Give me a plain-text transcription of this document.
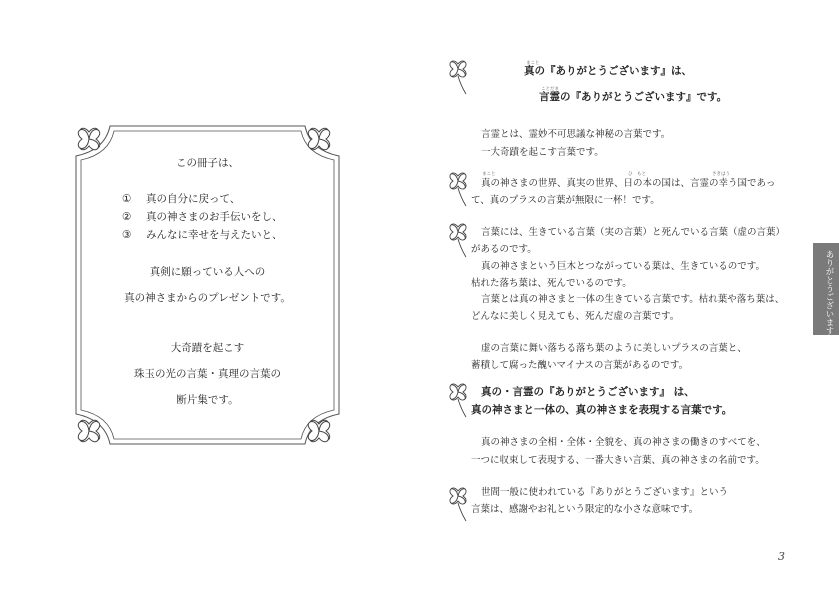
この冊子は、
①	真の自分に戻って、
②	真の神さまのお手伝いをし、
③	みんなに幸せを与えたいと、
真剣に願っている人への
真の神さまからのプレゼントです。
大奇蹟を起こす
珠玉の光の言葉・真理の言葉の
断片集です。
まこと
真の『ありがとうございます』は、
ことだま
言霊の『ありがとうございます』です。
言霊とは、霊妙不可思議な神秘の言葉です。
一大奇蹟を起こす言葉です。
まこと	ひ　もと	さきはう
真の神さまの世界、真実の世界、日の本の国は、言霊の幸う国であっ
て、真のプラスの言葉が無限に一杯！です。
言葉には、生きている言葉（実の言葉）と死んでいる言葉（虚の言葉）
があるのです。
真の神さまという巨木とつながっている葉は、生きているのです。
枯れた落ち葉は、死んでいるのです。
言葉とは真の神さまと一体の生きている言葉です。枯れ葉や落ち葉は、
どんなに美しく見えても、死んだ虚の言葉です。
虚の言葉に舞い落ちる落ち葉のように美しいプラスの言葉と、
蓄積して腐った醜いマイナスの言葉があるのです。
真の・言霊の『ありがとうございます』 は、
真の神さまと一体の、真の神さまを表現する言葉です。
真の神さまの全相・全体・全貌を、真の神さまの働きのすべてを、
一つに収束して表現する、一番大きい言葉、真の神さまの名前です。
世間一般に使われている『ありがとうございます』という
言葉は、感謝やお礼という限定的な小さな意味です。
ありがとうございます
3
